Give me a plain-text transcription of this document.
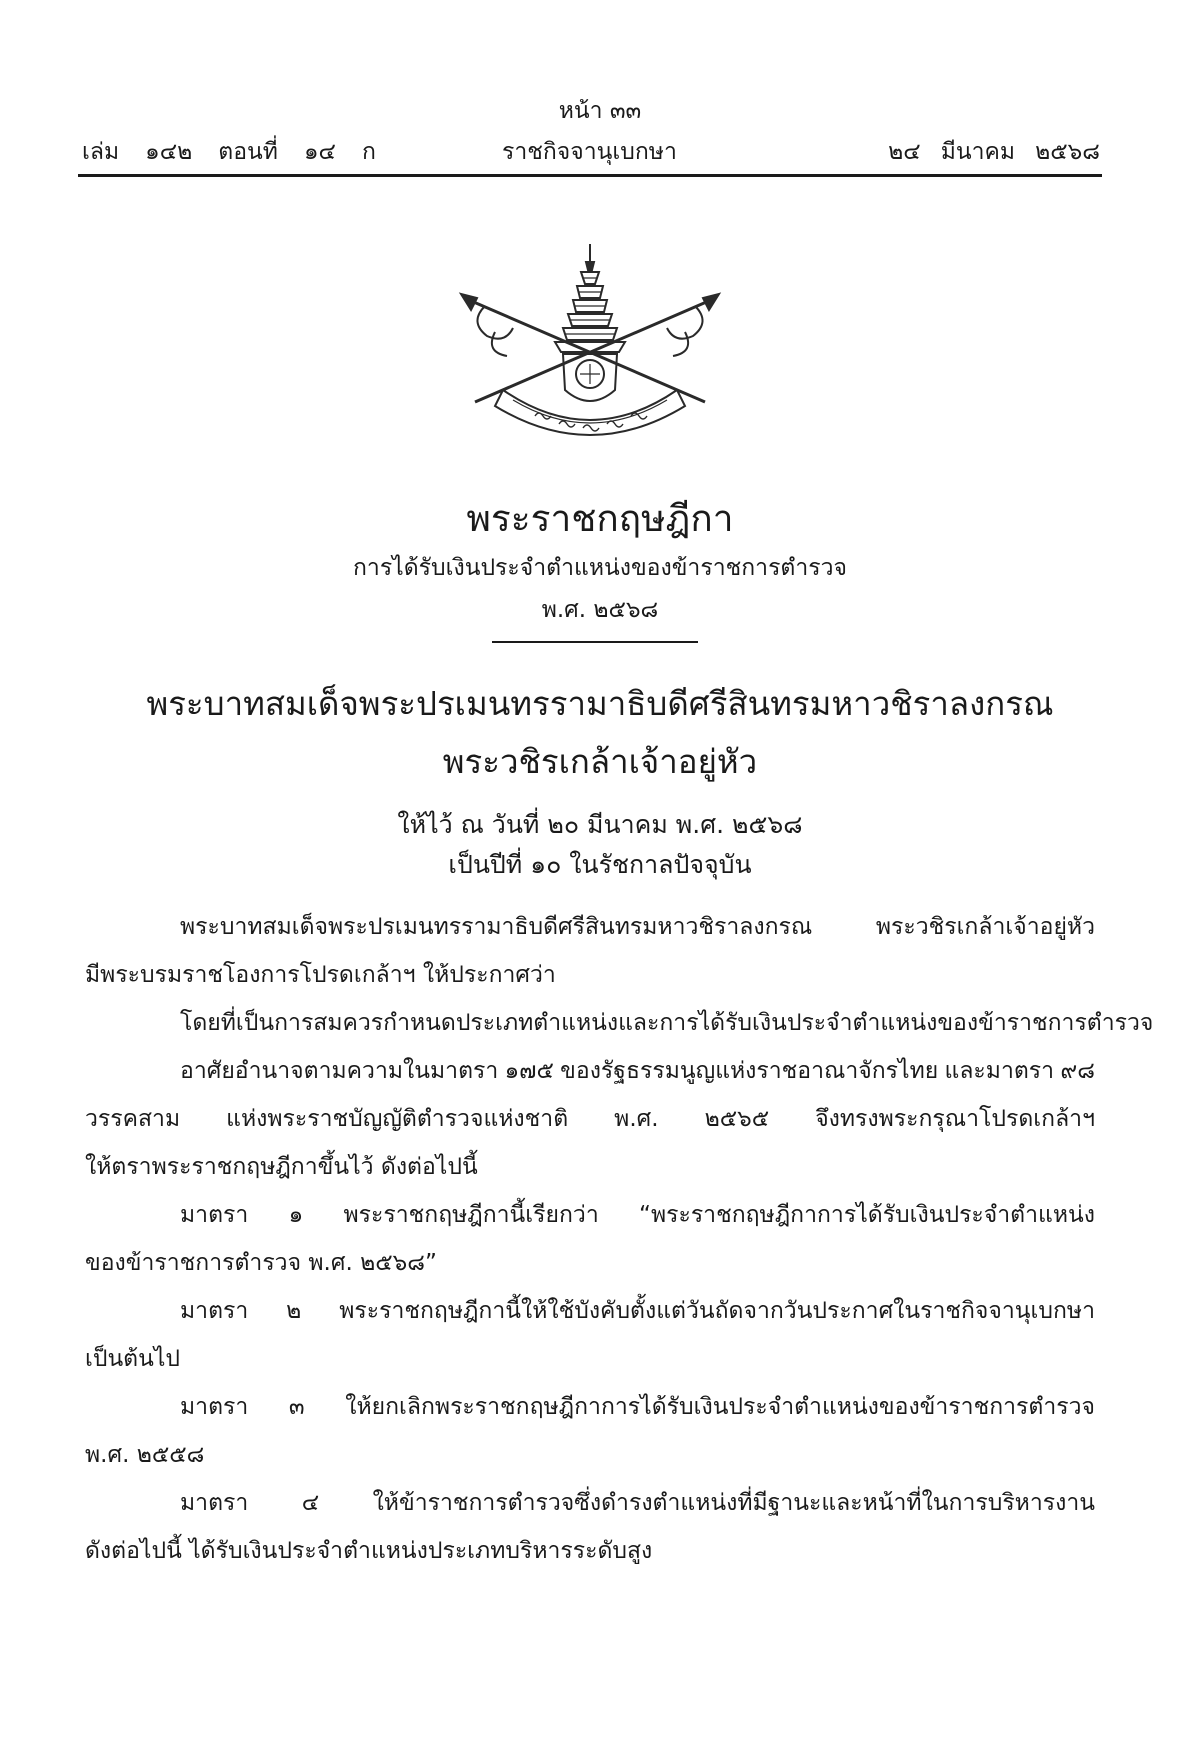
หน้า ๓๓
เล่ม ๑๔๒ ตอนที่ ๑๔ ก	ราชกิจจานุเบกษา	๒๔ มีนาคม ๒๕๖๘
พระราชกฤษฎีกา
การได้รับเงินประจำตำแหน่งของข้าราชการตำรวจ
พ.ศ. ๒๕๖๘
พระบาทสมเด็จพระปรเมนทรรามาธิบดีศรีสินทรมหาวชิราลงกรณ
พระวชิรเกล้าเจ้าอยู่หัว
ให้ไว้ ณ วันที่ ๒๐ มีนาคม พ.ศ. ๒๕๖๘
เป็นปีที่ ๑๐ ในรัชกาลปัจจุบัน
พระบาทสมเด็จพระปรเมนทรรามาธิบดีศรีสินทรมหาวชิราลงกรณ	พระวชิรเกล้าเจ้าอยู่หัว
มีพระบรมราชโองการโปรดเกล้าฯ ให้ประกาศว่า
โดยที่เป็นการสมควรกำหนดประเภทตำแหน่งและการได้รับเงินประจำตำแหน่งของข้าราชการตำรวจ
อาศัยอำนาจตามความในมาตรา ๑๗๕ ของรัฐธรรมนูญแห่งราชอาณาจักรไทย และมาตรา ๙๘
วรรคสาม แห่งพระราชบัญญัติตำรวจแห่งชาติ พ.ศ. ๒๕๖๕ จึงทรงพระกรุณาโปรดเกล้าฯ
ให้ตราพระราชกฤษฎีกาขึ้นไว้ ดังต่อไปนี้
มาตรา ๑ พระราชกฤษฎีกานี้เรียกว่า “พระราชกฤษฎีกาการได้รับเงินประจำตำแหน่ง
ของข้าราชการตำรวจ พ.ศ. ๒๕๖๘”
มาตรา ๒ พระราชกฤษฎีกานี้ให้ใช้บังคับตั้งแต่วันถัดจากวันประกาศในราชกิจจานุเบกษา
เป็นต้นไป
มาตรา ๓ ให้ยกเลิกพระราชกฤษฎีกาการได้รับเงินประจำตำแหน่งของข้าราชการตำรวจ
พ.ศ. ๒๕๕๘
มาตรา ๔ ให้ข้าราชการตำรวจซึ่งดำรงตำแหน่งที่มีฐานะและหน้าที่ในการบริหารงาน
ดังต่อไปนี้ ได้รับเงินประจำตำแหน่งประเภทบริหารระดับสูง
